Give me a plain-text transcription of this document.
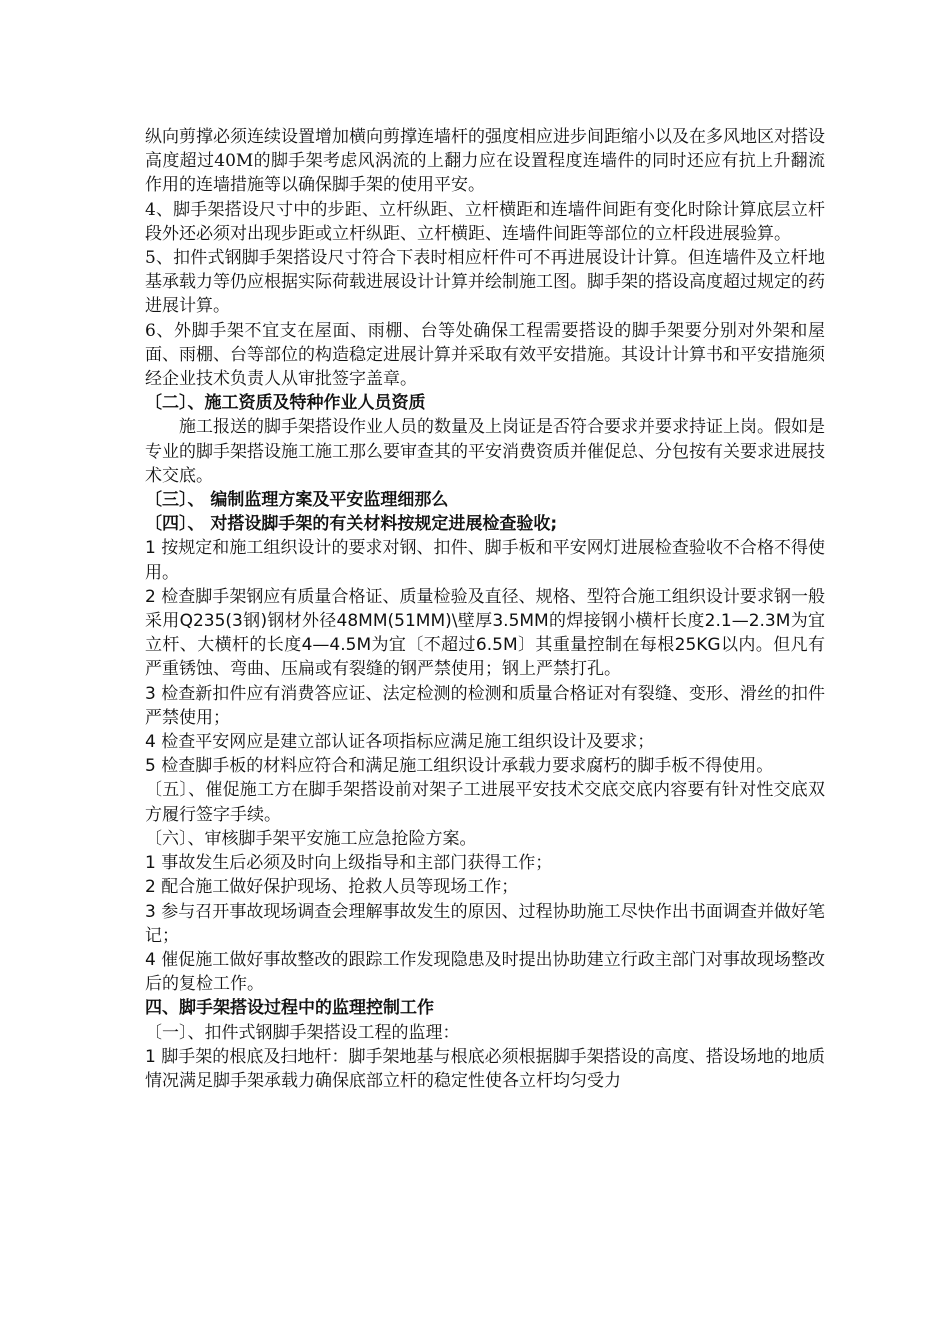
纵向剪撑必须连续设置增加横向剪撑连墙杆的强度相应进步间距缩小以及在多风地区对搭设高度超过40M的脚手架考虑风涡流的上翻力应在设置程度连墙件的同时还应有抗上升翻流作用的连墙措施等以确保脚手架的使用平安。

4、脚手架搭设尺寸中的步距、立杆纵距、立杆横距和连墙件间距有变化时除计算底层立杆段外还必须对出现步距或立杆纵距、立杆横距、连墙件间距等部位的立杆段进展验算。

5、扣件式钢脚手架搭设尺寸符合下表时相应杆件可不再进展设计计算。但连墙件及立杆地基承载力等仍应根据实际荷载进展设计计算并绘制施工图。脚手架的搭设高度超过规定的药进展计算。

6、外脚手架不宜支在屋面、雨棚、台等处确保工程需要搭设的脚手架要分别对外架和屋面、雨棚、台等部位的构造稳定进展计算并采取有效平安措施。其设计计算书和平安措施须经企业技术负责人从审批签字盖章。

〔二〕、施工资质及特种作业人员资质

施工报送的脚手架搭设作业人员的数量及上岗证是否符合要求并要求持证上岗。假如是专业的脚手架搭设施工施工那么要审查其的平安消费资质并催促总、分包按有关要求进展技术交底。

〔三〕、 编制监理方案及平安监理细那么

〔四〕、 对搭设脚手架的有关材料按规定进展检查验收;

1 按规定和施工组织设计的要求对钢、扣件、脚手板和平安网灯进展检查验收不合格不得使用。

2 检查脚手架钢应有质量合格证、质量检验及直径、规格、型符合施工组织设计要求钢一般采用Q235(3钢)钢材外径48MM(51MM)\壁厚3.5MM的焊接钢小横杆长度2.1—2.3M为宜立杆、大横杆的长度4—4.5M为宜〔不超过6.5M〕其重量控制在每根25KG以内。但凡有严重锈蚀、弯曲、压扁或有裂缝的钢严禁使用；钢上严禁打孔。

3 检查新扣件应有消费答应证、法定检测的检测和质量合格证对有裂缝、变形、滑丝的扣件严禁使用；

4 检查平安网应是建立部认证各项指标应满足施工组织设计及要求；

5 检查脚手板的材料应符合和满足施工组织设计承载力要求腐朽的脚手板不得使用。

〔五〕、催促施工方在脚手架搭设前对架子工进展平安技术交底交底内容要有针对性交底双方履行签字手续。

〔六〕、审核脚手架平安施工应急抢险方案。

1 事故发生后必须及时向上级指导和主部门获得工作；

2 配合施工做好保护现场、抢救人员等现场工作；

3 参与召开事故现场调查会理解事故发生的原因、过程协助施工尽快作出书面调查并做好笔记；

4 催促施工做好事故整改的跟踪工作发现隐患及时提出协助建立行政主部门对事故现场整改后的复检工作。

四、脚手架搭设过程中的监理控制工作

〔一〕、扣件式钢脚手架搭设工程的监理：

1 脚手架的根底及扫地杆：脚手架地基与根底必须根据脚手架搭设的高度、搭设场地的地质情况满足脚手架承载力确保底部立杆的稳定性使各立杆均匀受力
